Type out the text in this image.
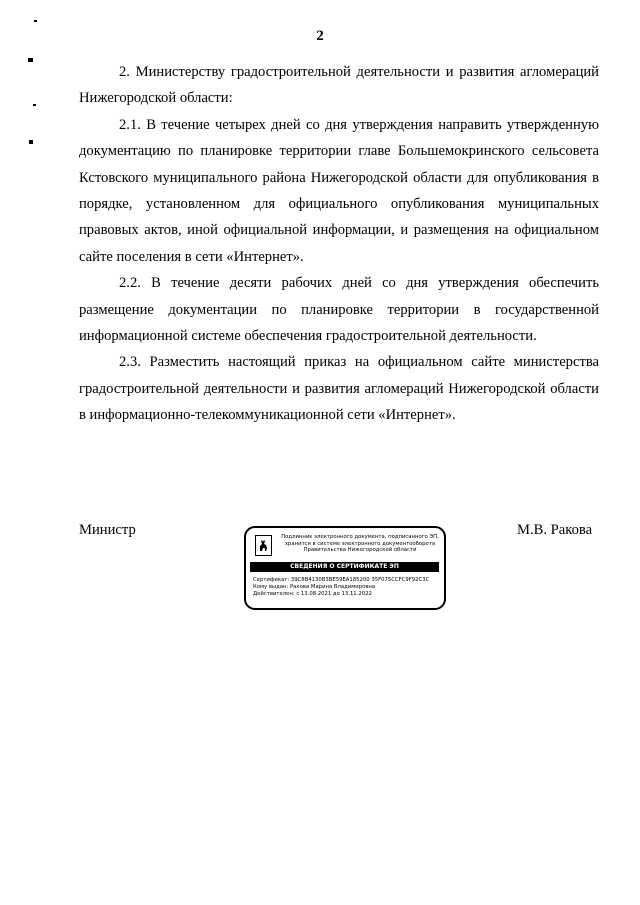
2

2. Министерству градостроительной деятельности и развития агломераций Нижегородской области:

2.1. В течение четырех дней со дня утверждения направить утвержденную документацию по планировке территории главе Большемокринского сельсовета Кстовского муниципального района Нижегородской области для опубликования в порядке, установленном для официального опубликования муниципальных правовых актов, иной официальной информации, и размещения на официальном сайте поселения в сети «Интернет».

2.2. В течение десяти рабочих дней со дня утверждения обеспечить размещение документации по планировке территории в государственной информационной системе обеспечения градостроительной деятельности.

2.3. Разместить настоящий приказ на официальном сайте министерства градостроительной деятельности и развития агломераций Нижегородской области в информационно-телекоммуникационной сети «Интернет».

Министр	М.В. Ракова
Подлинник электронного документа, подписанного ЭП, хранится в системе электронного документооборота Правительства Нижегородской области
СВЕДЕНИЯ О СЕРТИФИКАТЕ ЭП
Сертификат: 39C8B4130B3BE59EA185200 35F075CCFC9F92C3C
Кому выдан: Ракова Марина Владимировна
Действителен: с 13.08.2021 до 13.11.2022
